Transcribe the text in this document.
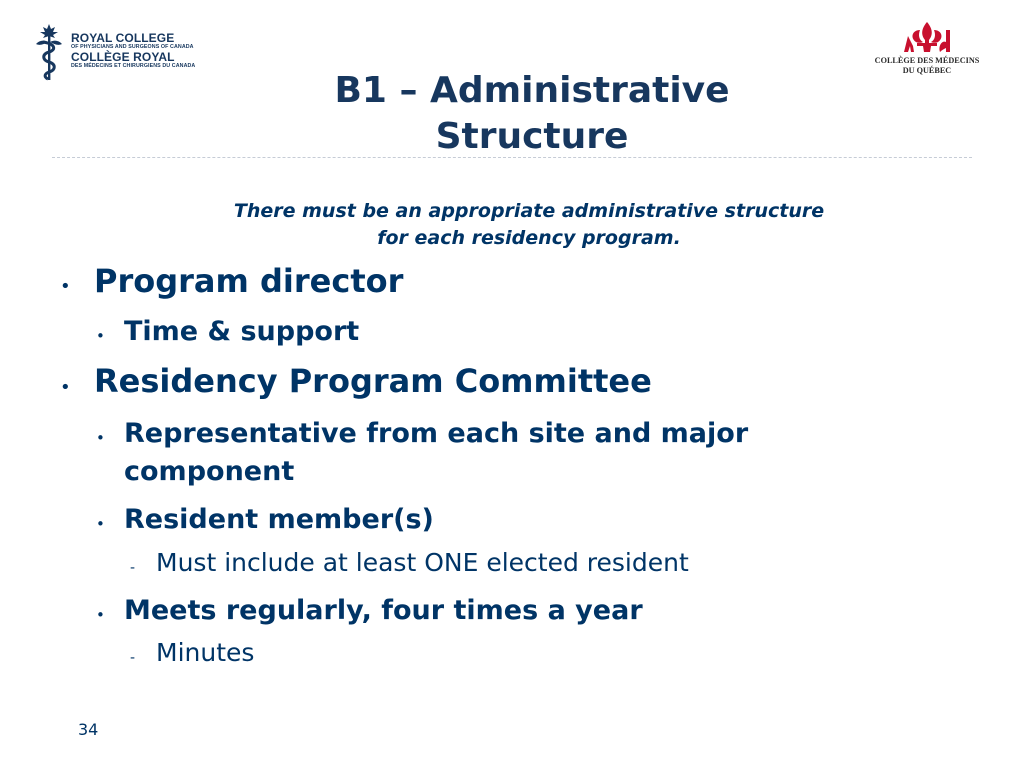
ROYAL COLLEGE
OF PHYSICIANS AND SURGEONS OF CANADA
COLLÈGE ROYAL
DES MÉDECINS ET CHIRURGIENS DU CANADA
COLLÈGE DES MÉDECINS
DU QUÉBEC
B1 – Administrative
Structure
There must be an appropriate administrative structure
for each residency program.
• Program director
• Time & support
• Residency Program Committee
• Representative from each site and major component
• Resident member(s)
- Must include at least ONE elected resident
• Meets regularly, four times a year
- Minutes
34
